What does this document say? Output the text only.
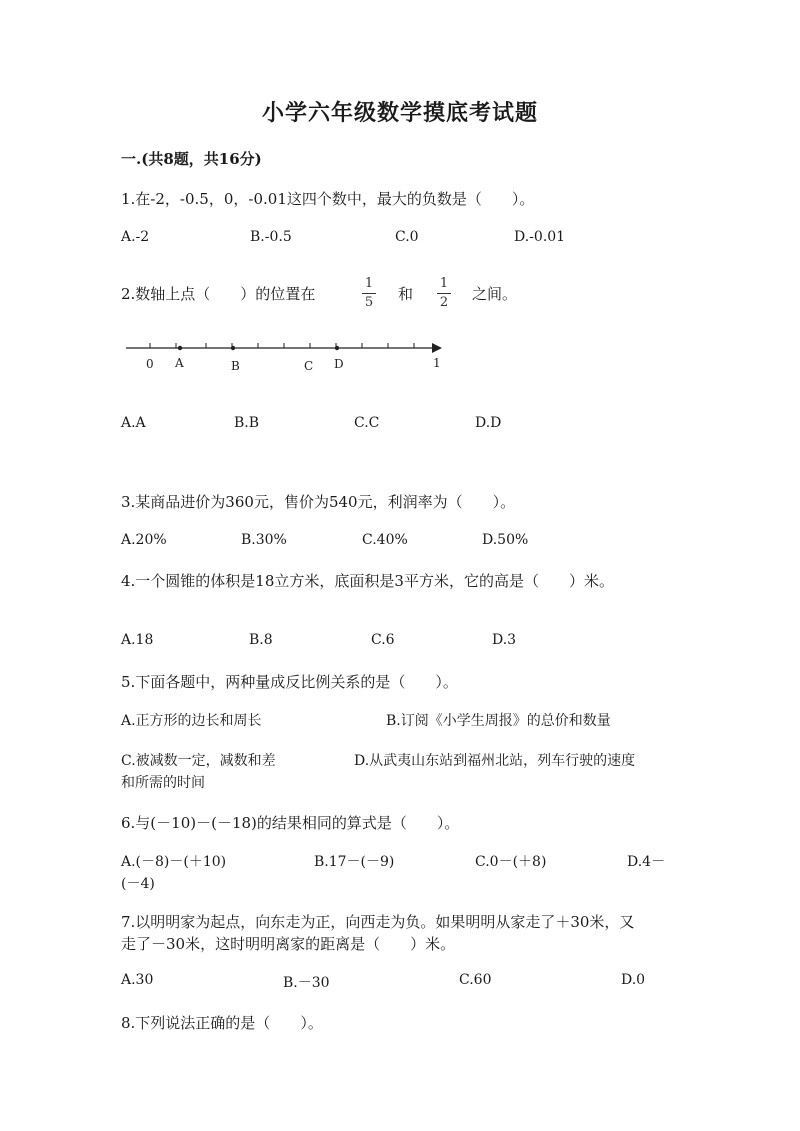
小学六年级数学摸底考试题
一.(共8题，共16分)
1.在-2，-0.5，0，-0.01这四个数中，最大的负数是（　　）。
A.-2	B.-0.5	C.0	D.-0.01
2.数轴上点（　　）的位置在
1
5	和
1
2	之间。
0 A	B	C D	1
A.A	B.B	C.C	D.D
3.某商品进价为360元，售价为540元，利润率为（　　）。
A.20%	B.30%	C.40%	D.50%
4.一个圆锥的体积是18立方米，底面积是3平方米，它的高是（　　）米。
A.18	B.8	C.6	D.3
5.下面各题中，两种量成反比例关系的是（　　）。
A.正方形的边长和周长	B.订阅《小学生周报》的总价和数量
C.被减数一定，减数和差	D.从武夷山东站到福州北站，列车行驶的速度
和所需的时间
6.与(－10)－(－18)的结果相同的算式是（　　）。
A.(－8)－(＋10)	B.17－(－9)	C.0－(＋8)	D.4－
(－4)
7.以明明家为起点，向东走为正，向西走为负。如果明明从家走了＋30米，又
走了－30米，这时明明离家的距离是（　　）米。
A.30	B.－30	C.60	D.0
8.下列说法正确的是（　　）。
